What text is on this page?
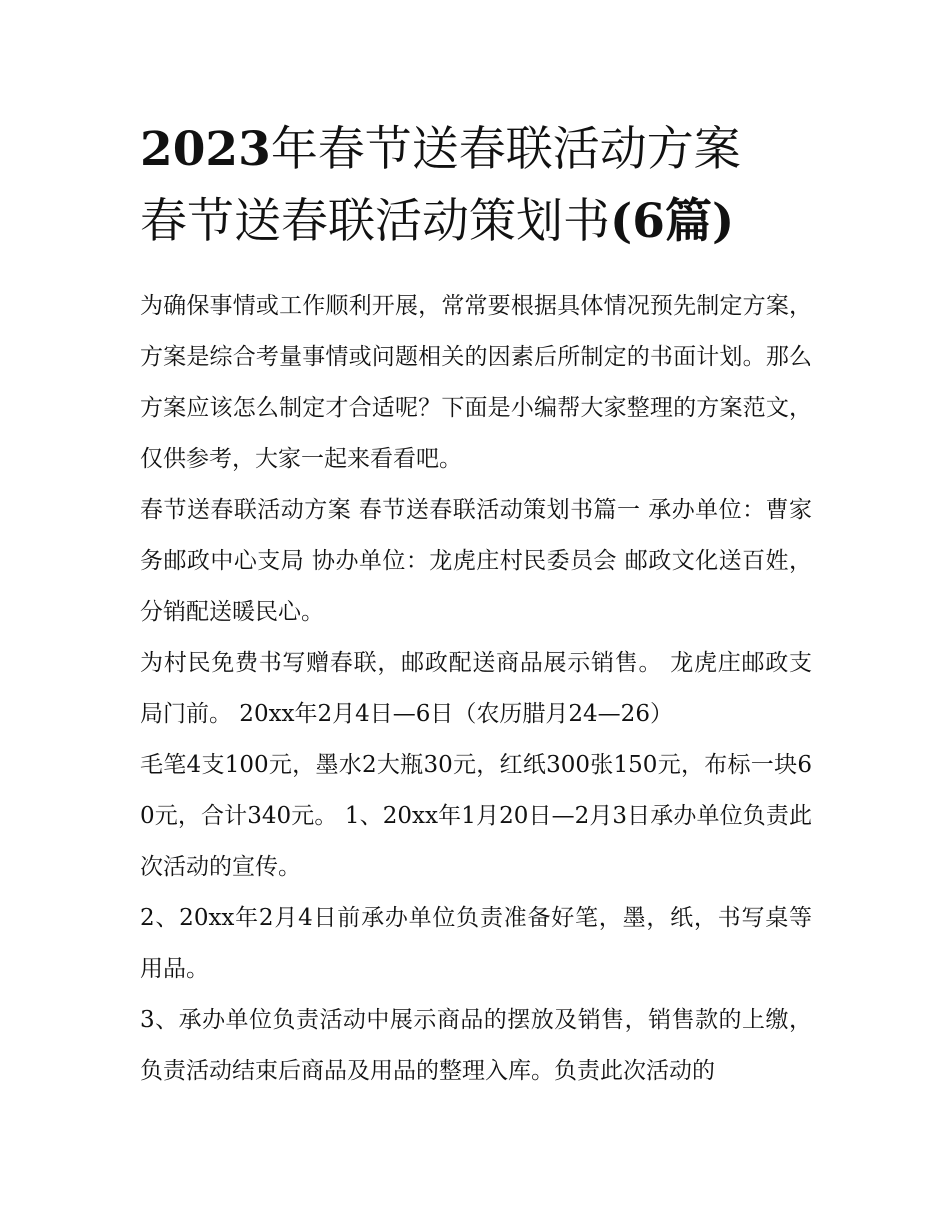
2023年春节送春联活动方案
春节送春联活动策划书(6篇)

为确保事情或工作顺利开展，常常要根据具体情况预先制定方案，方案是综合考量事情或问题相关的因素后所制定的书面计划。那么方案应该怎么制定才合适呢？下面是小编帮大家整理的方案范文，仅供参考，大家一起来看看吧。

春节送春联活动方案 春节送春联活动策划书篇一 承办单位：曹家务邮政中心支局 协办单位：龙虎庄村民委员会 邮政文化送百姓，分销配送暖民心。

为村民免费书写赠春联，邮政配送商品展示销售。 龙虎庄邮政支局门前。 20xx年2月4日—6日（农历腊月24—26）

毛笔4支100元，墨水2大瓶30元，红纸300张150元，布标一块60元，合计340元。 1、20xx年1月20日—2月3日承办单位负责此次活动的宣传。

2、20xx年2月4日前承办单位负责准备好笔，墨，纸，书写桌等用品。

3、承办单位负责活动中展示商品的摆放及销售，销售款的上缴，负责活动结束后商品及用品的整理入库。负责此次活动的
